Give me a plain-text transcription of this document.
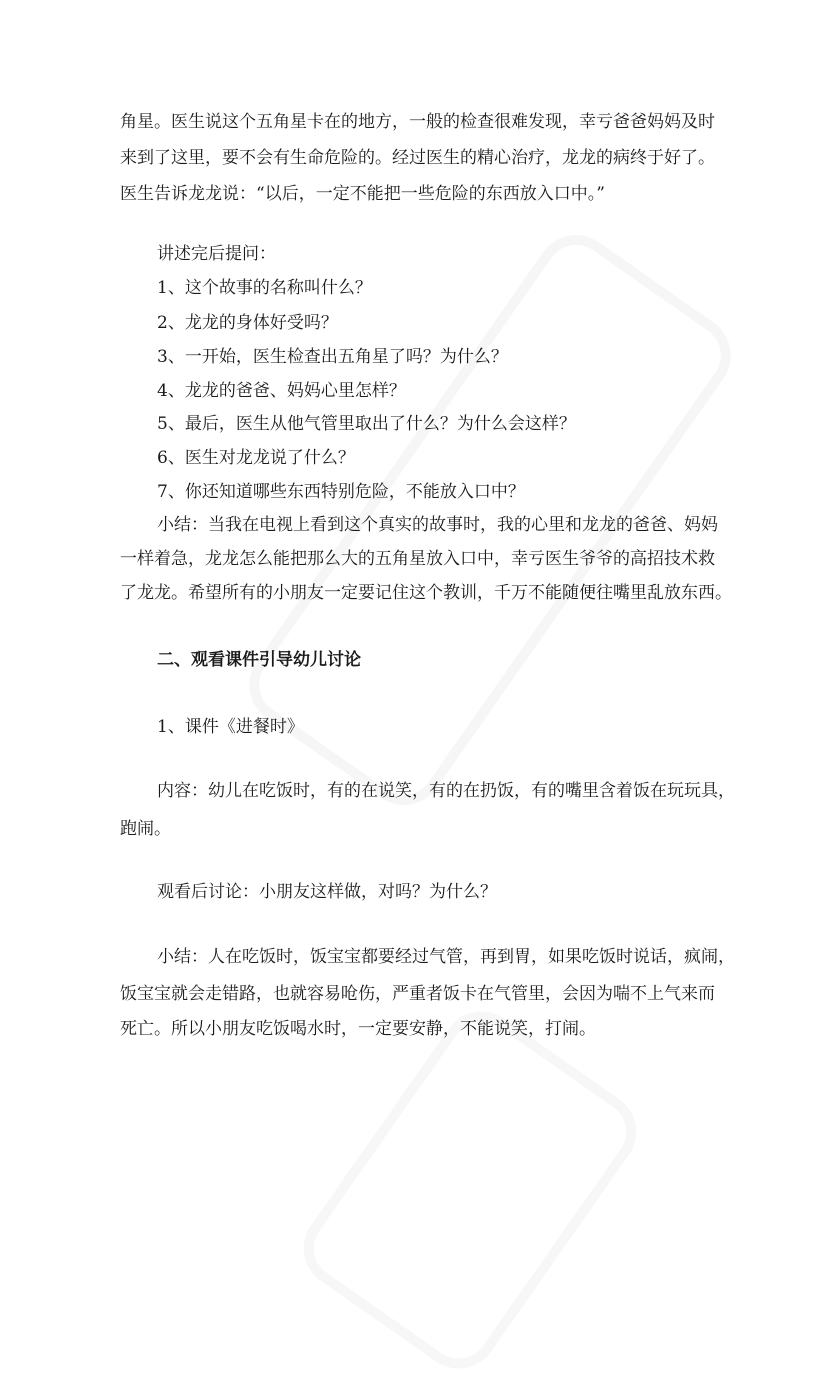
角星。医生说这个五角星卡在的地方，一般的检查很难发现，幸亏爸爸妈妈及时
来到了这里，要不会有生命危险的。经过医生的精心治疗，龙龙的病终于好了。
医生告诉龙龙说：“以后，一定不能把一些危险的东西放入口中。”
讲述完后提问：
1、这个故事的名称叫什么？
2、龙龙的身体好受吗？
3、一开始，医生检查出五角星了吗？为什么？
4、龙龙的爸爸、妈妈心里怎样？
5、最后，医生从他气管里取出了什么？为什么会这样？
6、医生对龙龙说了什么？
7、你还知道哪些东西特别危险，不能放入口中？
小结：当我在电视上看到这个真实的故事时，我的心里和龙龙的爸爸、妈妈
一样着急，龙龙怎么能把那么大的五角星放入口中，幸亏医生爷爷的高招技术救
了龙龙。希望所有的小朋友一定要记住这个教训，千万不能随便往嘴里乱放东西。
二、观看课件引导幼儿讨论
1、课件《进餐时》
内容：幼儿在吃饭时，有的在说笑，有的在扔饭，有的嘴里含着饭在玩玩具，
跑闹。
观看后讨论：小朋友这样做，对吗？为什么？
小结：人在吃饭时，饭宝宝都要经过气管，再到胃，如果吃饭时说话，疯闹，
饭宝宝就会走错路，也就容易呛伤，严重者饭卡在气管里，会因为喘不上气来而
死亡。所以小朋友吃饭喝水时，一定要安静，不能说笑，打闹。
